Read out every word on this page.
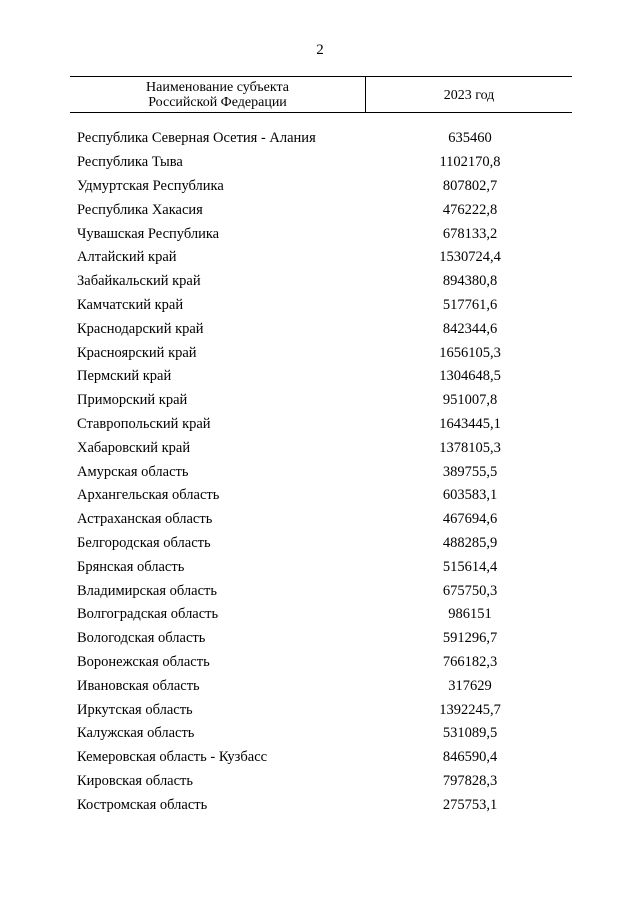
2
Наименование субъекта
Российской Федерации	2023 год
Республика Северная Осетия - Алания	635460
Республика Тыва	1102170,8
Удмуртская Республика	807802,7
Республика Хакасия	476222,8
Чувашская Республика	678133,2
Алтайский край	1530724,4
Забайкальский край	894380,8
Камчатский край	517761,6
Краснодарский край	842344,6
Красноярский край	1656105,3
Пермский край	1304648,5
Приморский край	951007,8
Ставропольский край	1643445,1
Хабаровский край	1378105,3
Амурская область	389755,5
Архангельская область	603583,1
Астраханская область	467694,6
Белгородская область	488285,9
Брянская область	515614,4
Владимирская область	675750,3
Волгоградская область	986151
Вологодская область	591296,7
Воронежская область	766182,3
Ивановская область	317629
Иркутская область	1392245,7
Калужская область	531089,5
Кемеровская область - Кузбасс	846590,4
Кировская область	797828,3
Костромская область	275753,1
